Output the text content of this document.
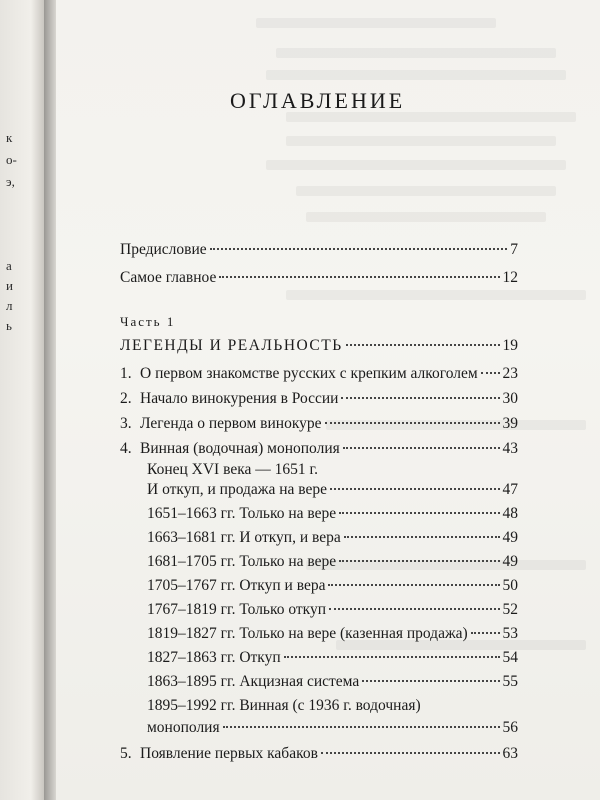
к
о-
э,
а
и
л
ь
ОГЛАВЛЕНИЕ
Предисловие	7
Самое главное	12
Часть 1
ЛЕГЕНДЫ И РЕАЛЬНОСТЬ	19
1. О первом знакомстве русских с крепким алкоголем 23
2. Начало винокурения в России	30
3. Легенда о первом винокуре	39
4. Винная (водочная) монополия	43
Конец XVI века — 1651 г.
И откуп, и продажа на вере	47
1651–1663 гг. Только на вере	48
1663–1681 гг. И откуп, и вера	49
1681–1705 гг. Только на вере	49
1705–1767 гг. Откуп и вера	50
1767–1819 гг. Только откуп	52
1819–1827 гг. Только на вере (казенная продажа) 53
1827–1863 гг. Откуп	54
1863–1895 гг. Акцизная система	55
1895–1992 гг. Винная (с 1936 г. водочная)
монополия	56
5. Появление первых кабаков	63
